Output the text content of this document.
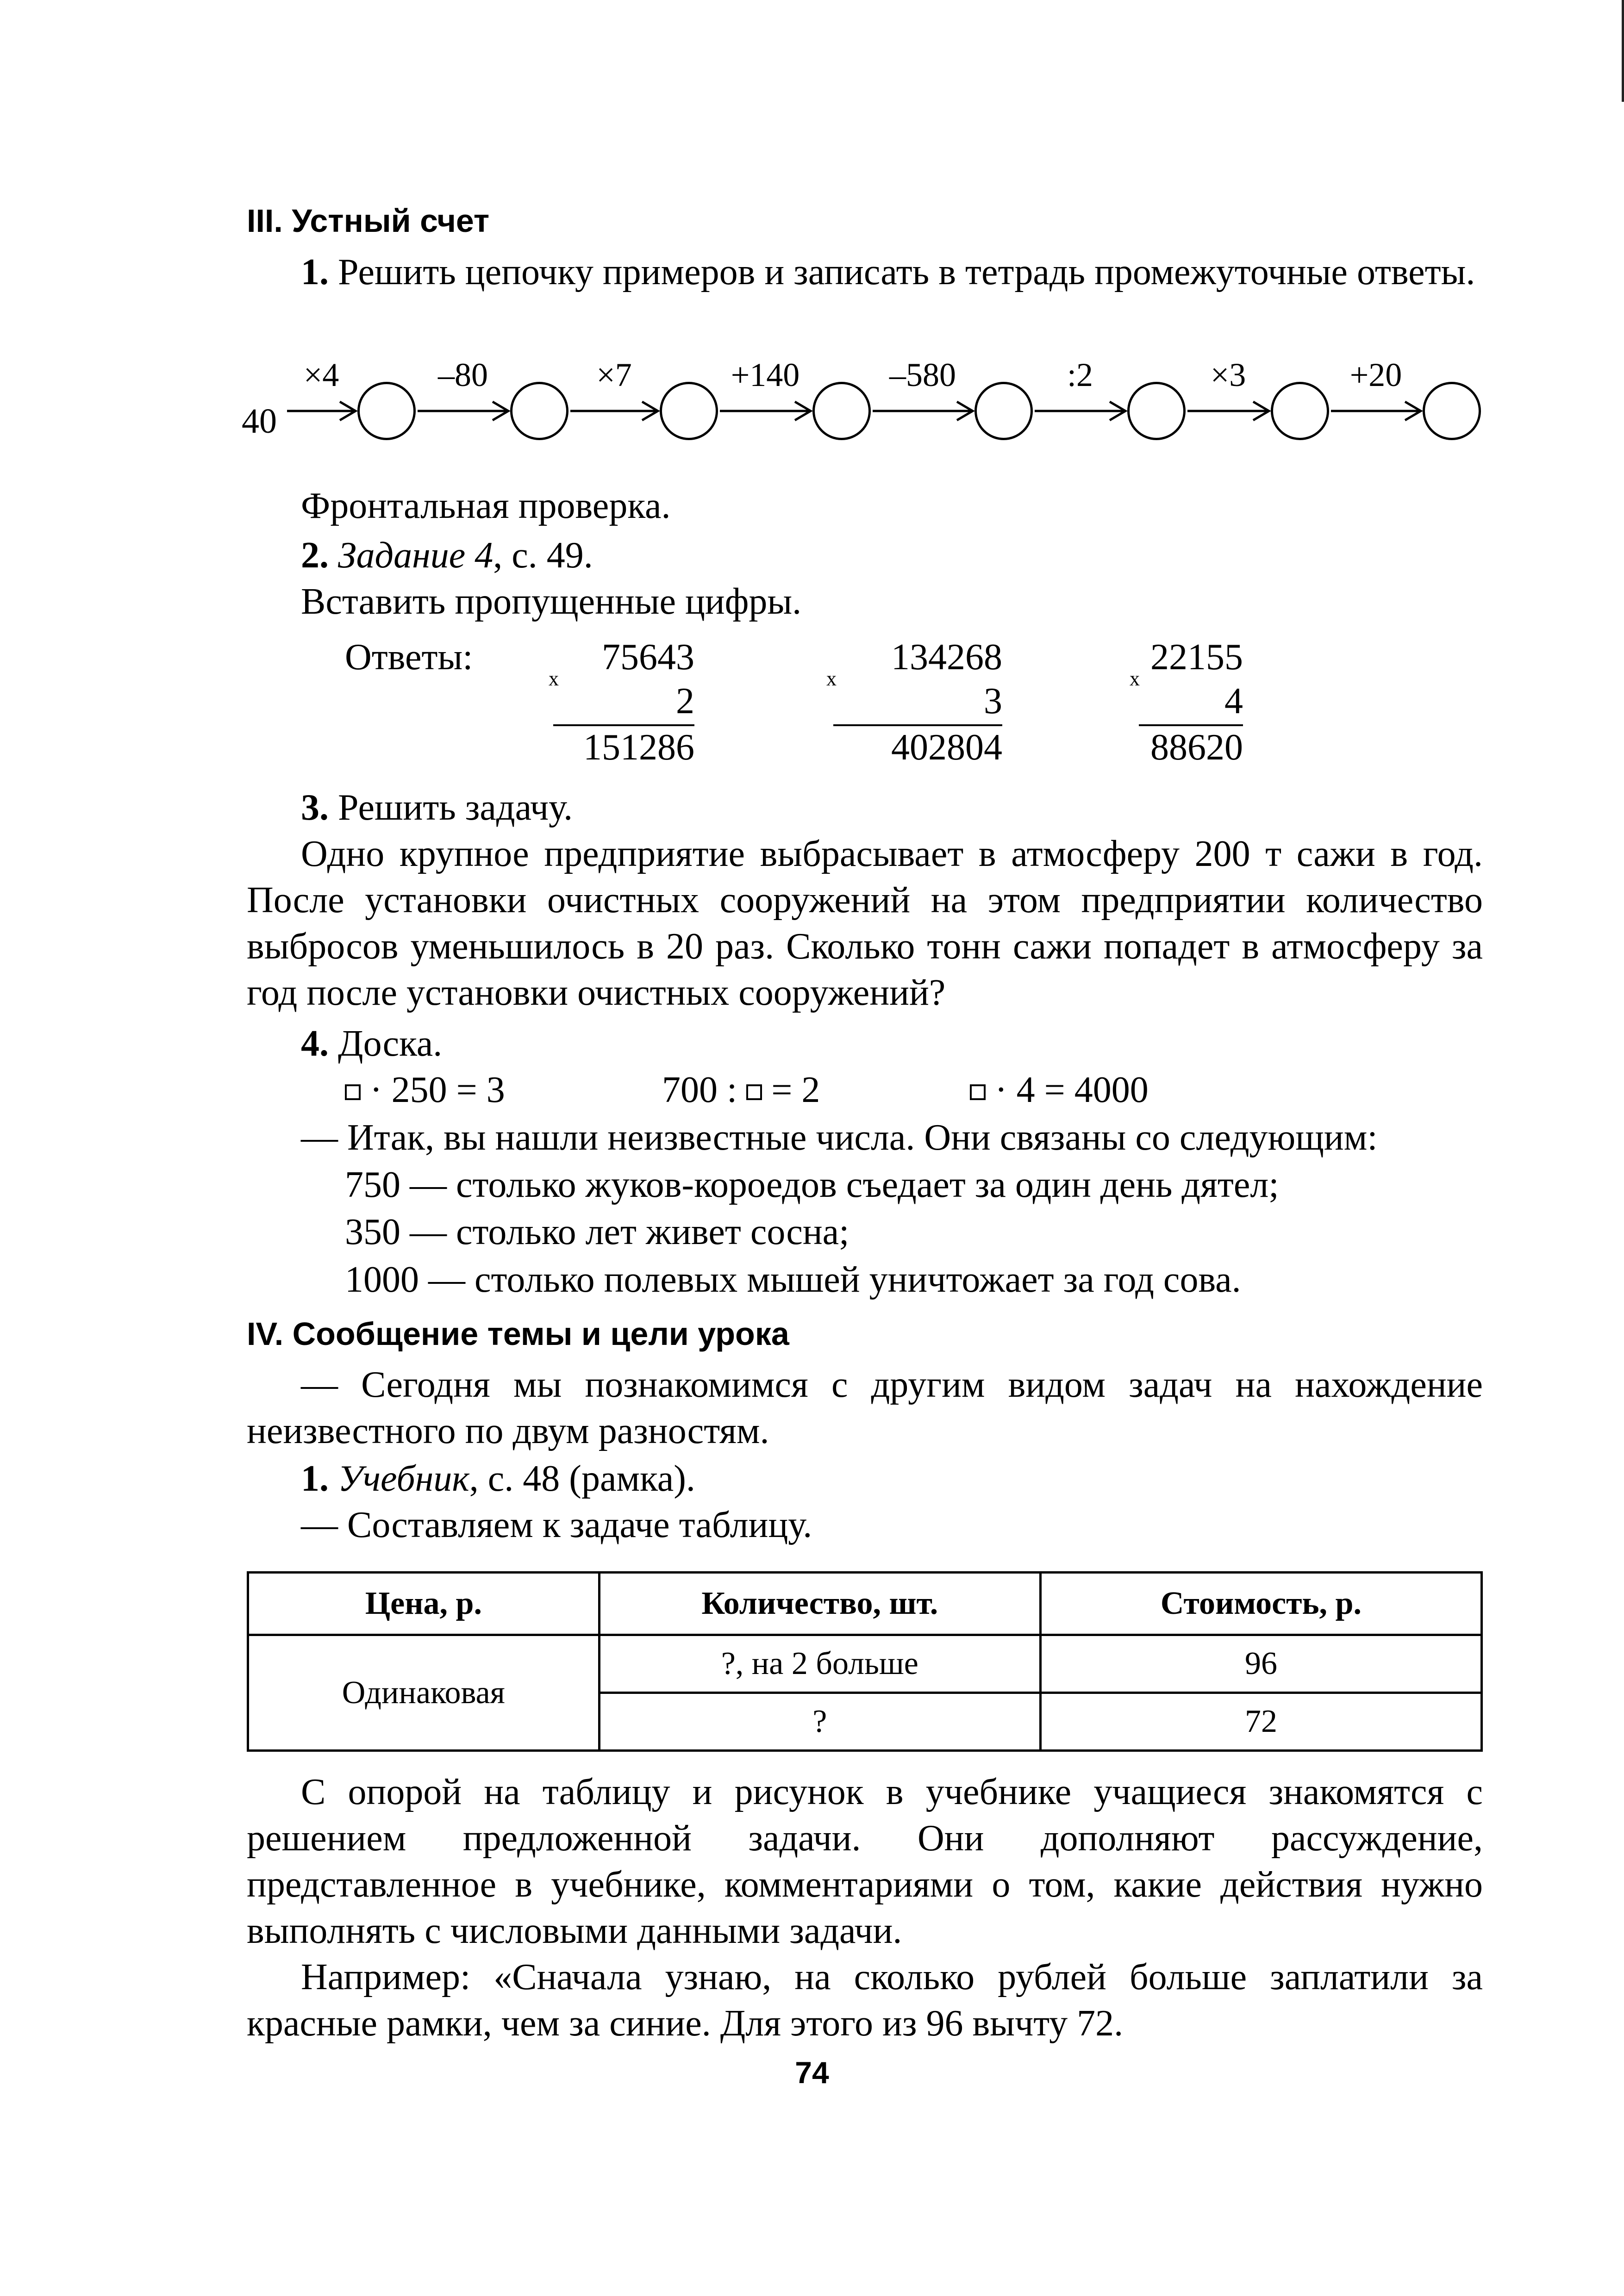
III. Устный счет
1. Решить цепочку примеров и записать в тетрадь промежуточные ответы.
40
×4	–80	×7	+140	–580	:2	×3	+20
Фронтальная проверка.
2. Задание 4, с. 49.
Вставить пропущенные цифры.
Ответы:
х
75643
2
151286
х
134268
3
402804
х
22155
4
88620
3. Решить задачу.
Одно крупное предприятие выбрасывает в атмосферу 200 т сажи в год. После установки очистных сооружений на этом предприятии количество выбросов уменьшилось в 20 раз. Сколько тонн сажи попадет в атмосферу за год после установки очистных сооружений?
4. Доска.
· 250 = 3	700 :  = 2	· 4 = 4000
— Итак, вы нашли неизвестные числа. Они связаны со следующим:
750 — столько жуков-короедов съедает за один день дятел;
350 — столько лет живет сосна;
1000 — столько полевых мышей уничтожает за год сова.
IV. Сообщение темы и цели урока
— Сегодня мы познакомимся с другим видом задач на нахождение неизвестного по двум разностям.
1. Учебник, с. 48 (рамка).
— Составляем к задаче таблицу.
Цена, р.	Количество, шт.	Стоимость, р.
Одинаковая	?, на 2 больше	96
	?	72
С опорой на таблицу и рисунок в учебнике учащиеся знакомятся с решением предложенной задачи. Они дополняют рассуждение, представленное в учебнике, комментариями о том, какие действия нужно выполнять с числовыми данными задачи.
Например: «Сначала узнаю, на сколько рублей больше заплатили за красные рамки, чем за синие. Для этого из 96 вычту 72.
74
